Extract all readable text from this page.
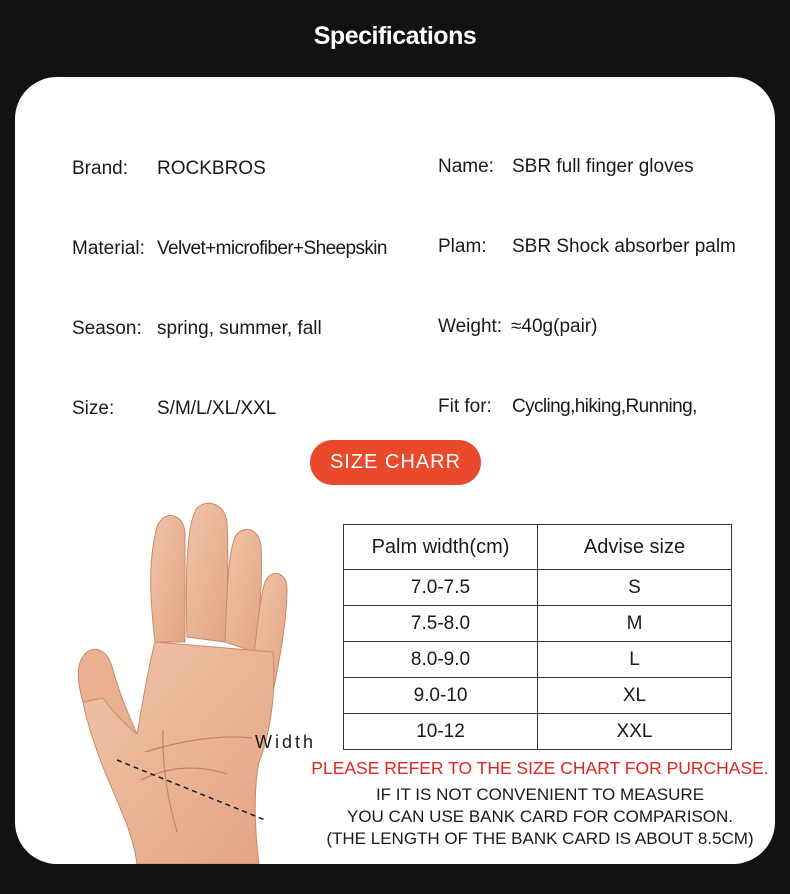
Specifications
Brand: ROCKBROS	Name: SBR full finger gloves
Material: Velvet+microfiber+Sheepskin	Plam: SBR Shock absorber palm
Season: spring, summer, fall	Weight: ≈40g(pair)
Size: S/M/L/XL/XXL	Fit for: Cycling,hiking,Running,
SIZE CHARR
Width
Palm width(cm)	Advise size
7.0-7.5	S
7.5-8.0	M
8.0-9.0	L
9.0-10	XL
10-12	XXL
PLEASE REFER TO THE SIZE CHART FOR PURCHASE.
IF IT IS NOT CONVENIENT TO MEASURE
YOU CAN USE BANK CARD FOR COMPARISON.
(THE LENGTH OF THE BANK CARD IS ABOUT 8.5CM)
